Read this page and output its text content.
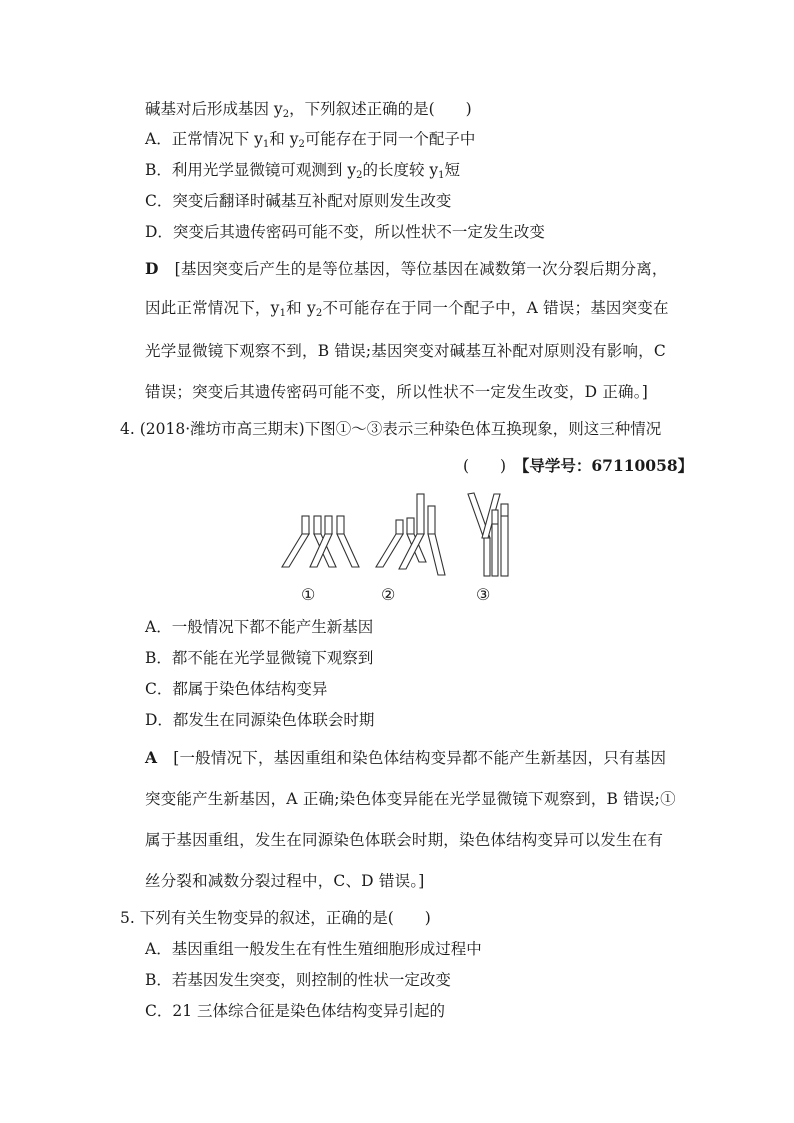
碱基对后形成基因 $y_2$，下列叙述正确的是(　　)
A．正常情况下 $y_1$和 $y_2$可能存在于同一个配子中
B．利用光学显微镜可观测到 $y_2$的长度较 $y_1$短
C．突变后翻译时碱基互补配对原则发生改变
D．突变后其遗传密码可能不变，所以性状不一定发生改变
D [基因突变后产生的是等位基因，等位基因在减数第一次分裂后期分离，
因此正常情况下，$y_1$和 $y_2$不可能存在于同一个配子中，A 错误；基因突变在
光学显微镜下观察不到，B 错误;基因突变对碱基互补配对原则没有影响，C
错误；突变后其遗传密码可能不变，所以性状不一定发生改变，D 正确。]
4. (2018·潍坊市高三期末)下图①～③表示三种染色体互换现象，则这三种情况
(　　)　 【导学号：67110058】
①	②	③
A．一般情况下都不能产生新基因
B．都不能在光学显微镜下观察到
C．都属于染色体结构变异
D．都发生在同源染色体联会时期
A [一般情况下，基因重组和染色体结构变异都不能产生新基因，只有基因
突变能产生新基因，A 正确;染色体变异能在光学显微镜下观察到，B 错误;①
属于基因重组，发生在同源染色体联会时期，染色体结构变异可以发生在有
丝分裂和减数分裂过程中，C、D 错误。]
5. 下列有关生物变异的叙述，正确的是(　　)
A．基因重组一般发生在有性生殖细胞形成过程中
B．若基因发生突变，则控制的性状一定改变
C．21 三体综合征是染色体结构变异引起的
